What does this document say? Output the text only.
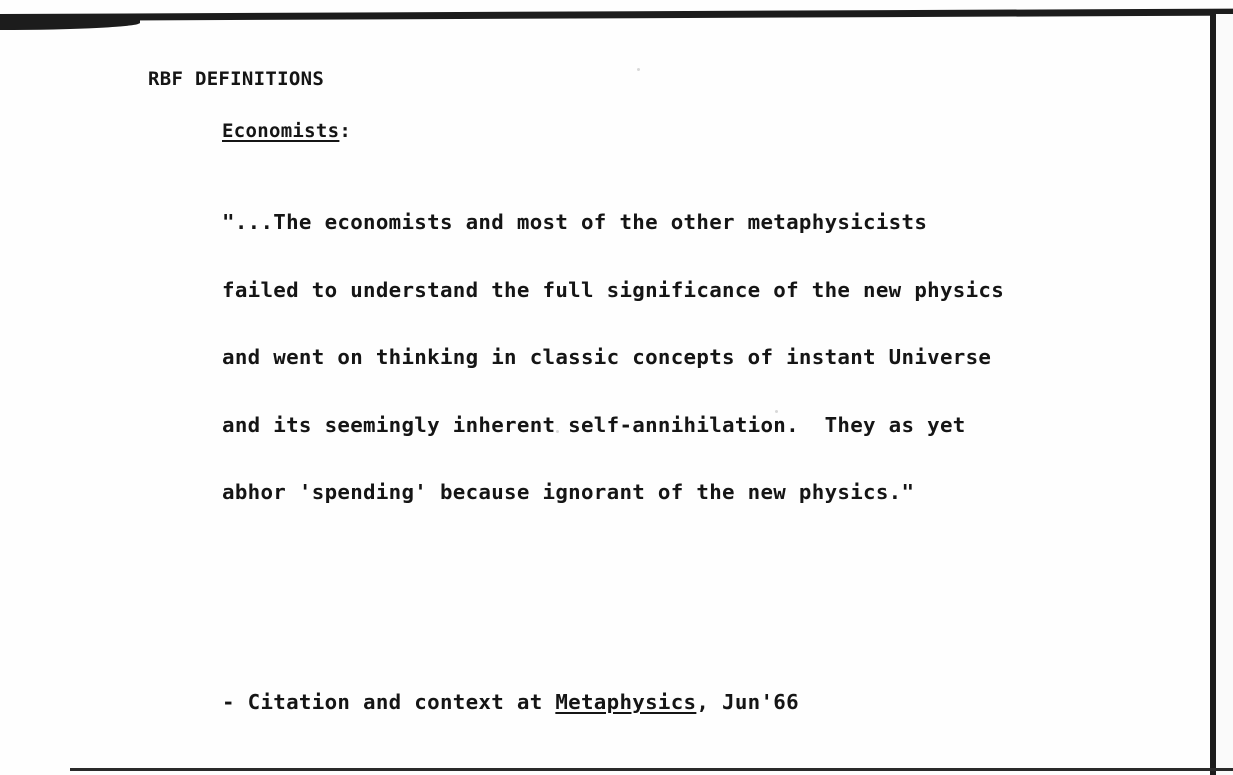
RBF DEFINITIONS
Economists:

"...The economists and most of the other metaphysicists

failed to understand the full significance of the new physics

and went on thinking in classic concepts of instant Universe

and its seemingly inherent self-annihilation.  They as yet

abhor 'spending' because ignorant of the new physics."

- Citation and context at Metaphysics, Jun'66
